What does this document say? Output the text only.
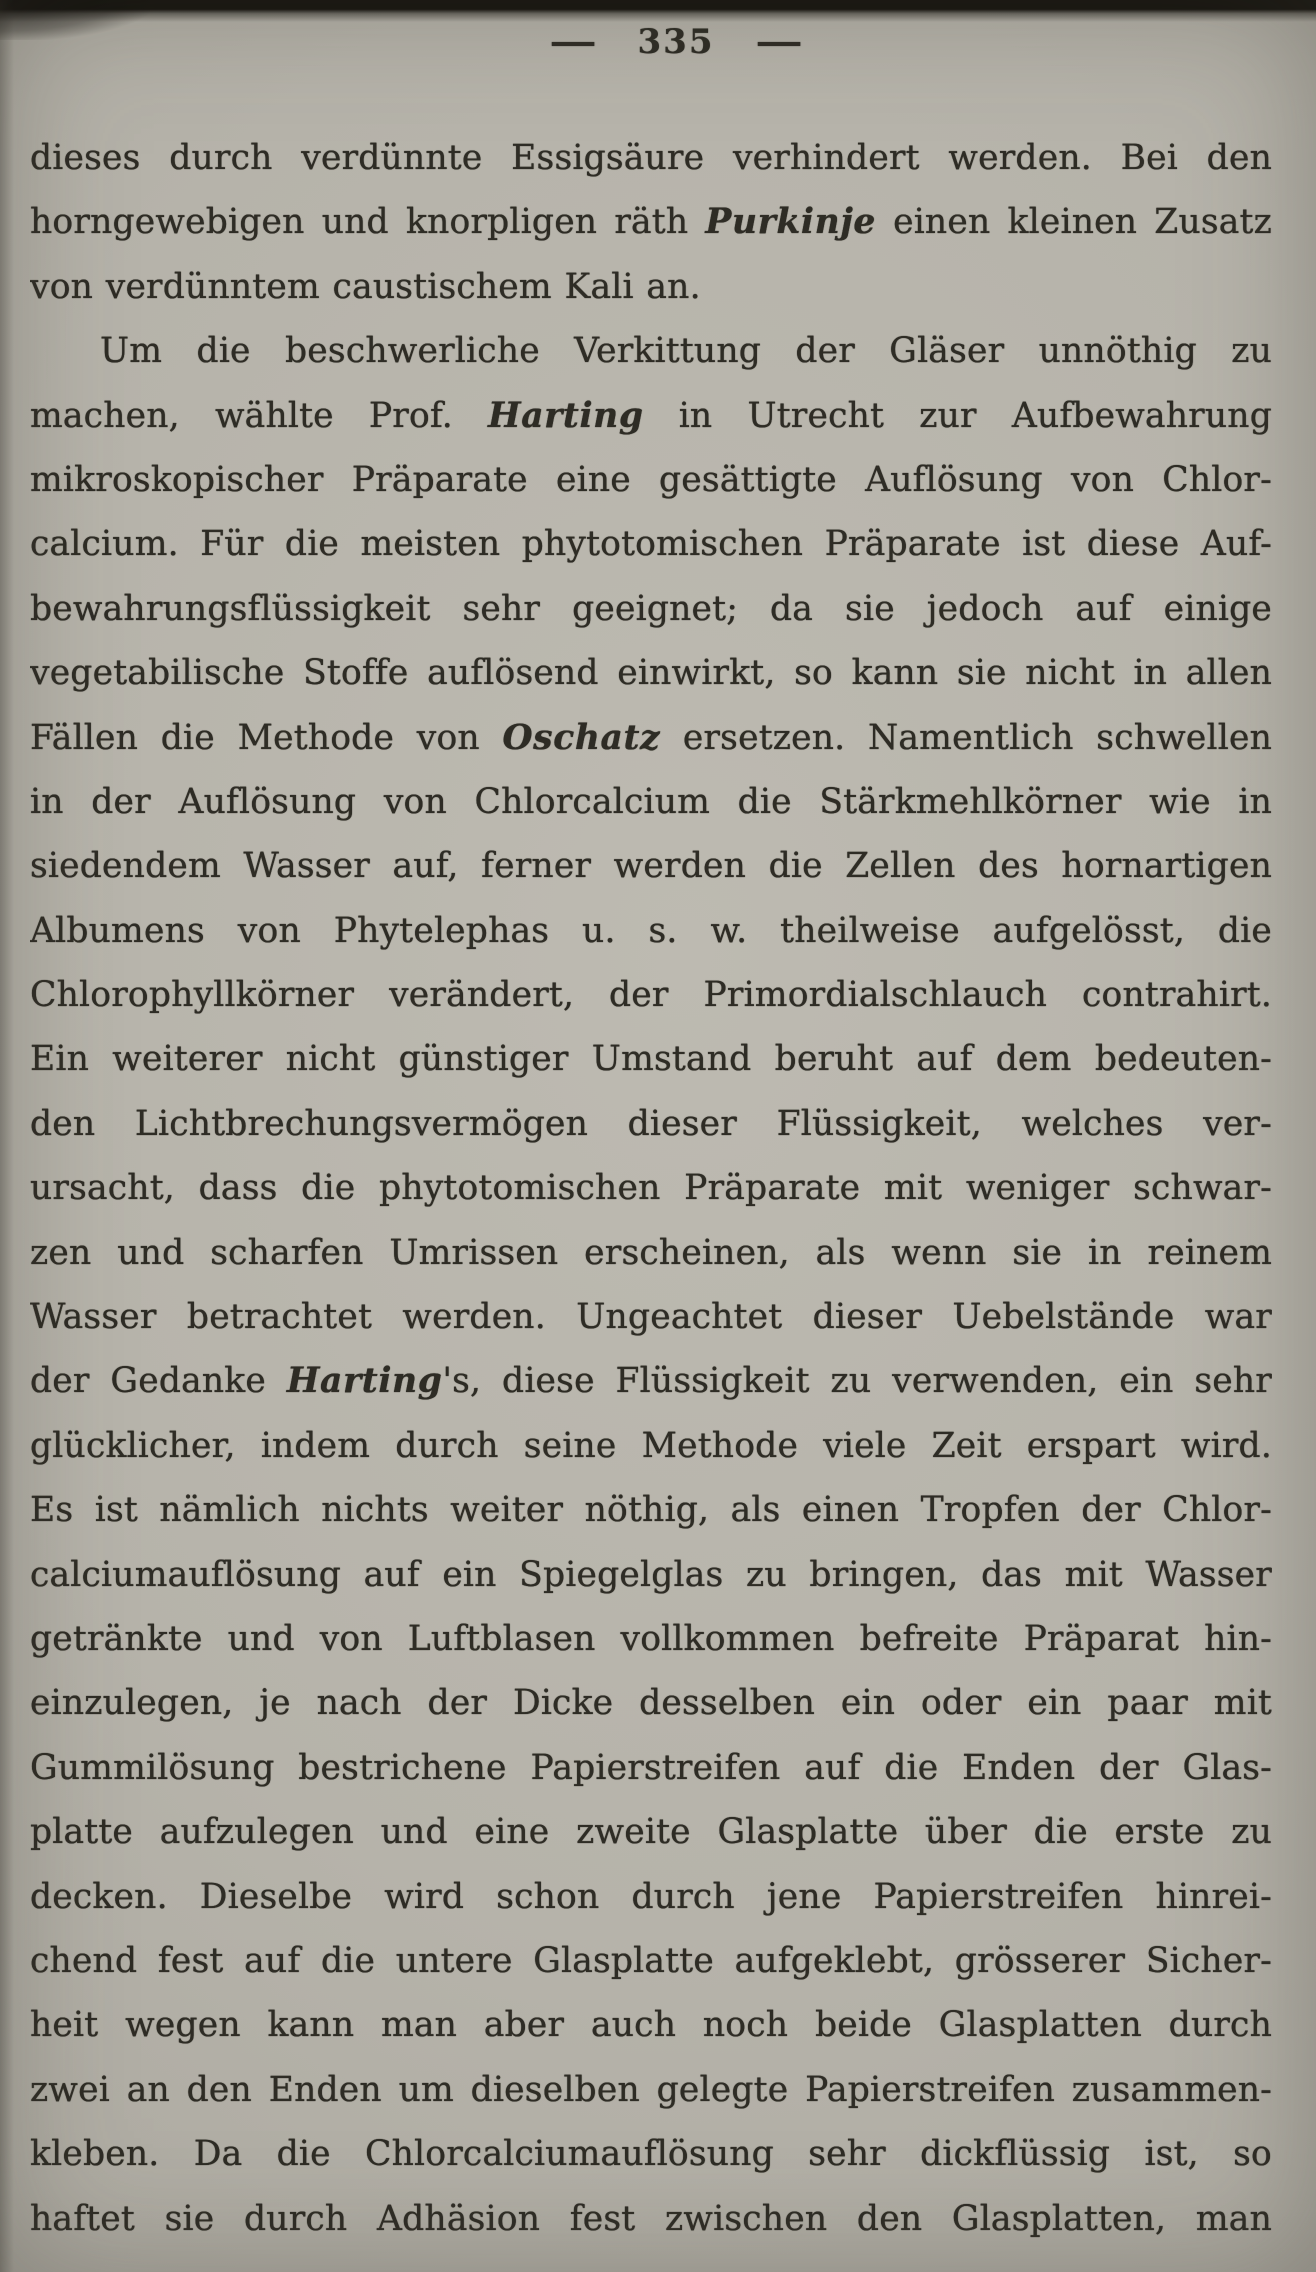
— 335 —
dieses durch verdünnte Essigsäure verhindert werden. Bei den
horngewebigen und knorpligen räth Purkinje einen kleinen Zusatz
von verdünntem caustischem Kali an.
Um die beschwerliche Verkittung der Gläser unnöthig zu
machen, wählte Prof. Harting in Utrecht zur Aufbewahrung
mikroskopischer Präparate eine gesättigte Auflösung von Chlor-
calcium. Für die meisten phytotomischen Präparate ist diese Auf-
bewahrungsflüssigkeit sehr geeignet; da sie jedoch auf einige
vegetabilische Stoffe auflösend einwirkt, so kann sie nicht in allen
Fällen die Methode von Oschatz ersetzen. Namentlich schwellen
in der Auflösung von Chlorcalcium die Stärkmehlkörner wie in
siedendem Wasser auf, ferner werden die Zellen des hornartigen
Albumens von Phytelephas u. s. w. theilweise aufgelösst, die
Chlorophyllkörner verändert, der Primordialschlauch contrahirt.
Ein weiterer nicht günstiger Umstand beruht auf dem bedeuten-
den Lichtbrechungsvermögen dieser Flüssigkeit, welches ver-
ursacht, dass die phytotomischen Präparate mit weniger schwar-
zen und scharfen Umrissen erscheinen, als wenn sie in reinem
Wasser betrachtet werden. Ungeachtet dieser Uebelstände war
der Gedanke Harting's, diese Flüssigkeit zu verwenden, ein sehr
glücklicher, indem durch seine Methode viele Zeit erspart wird.
Es ist nämlich nichts weiter nöthig, als einen Tropfen der Chlor-
calciumauflösung auf ein Spiegelglas zu bringen, das mit Wasser
getränkte und von Luftblasen vollkommen befreite Präparat hin-
einzulegen, je nach der Dicke desselben ein oder ein paar mit
Gummilösung bestrichene Papierstreifen auf die Enden der Glas-
platte aufzulegen und eine zweite Glasplatte über die erste zu
decken. Dieselbe wird schon durch jene Papierstreifen hinrei-
chend fest auf die untere Glasplatte aufgeklebt, grösserer Sicher-
heit wegen kann man aber auch noch beide Glasplatten durch
zwei an den Enden um dieselben gelegte Papierstreifen zusammen-
kleben. Da die Chlorcalciumauflösung sehr dickflüssig ist, so
haftet sie durch Adhäsion fest zwischen den Glasplatten, man
